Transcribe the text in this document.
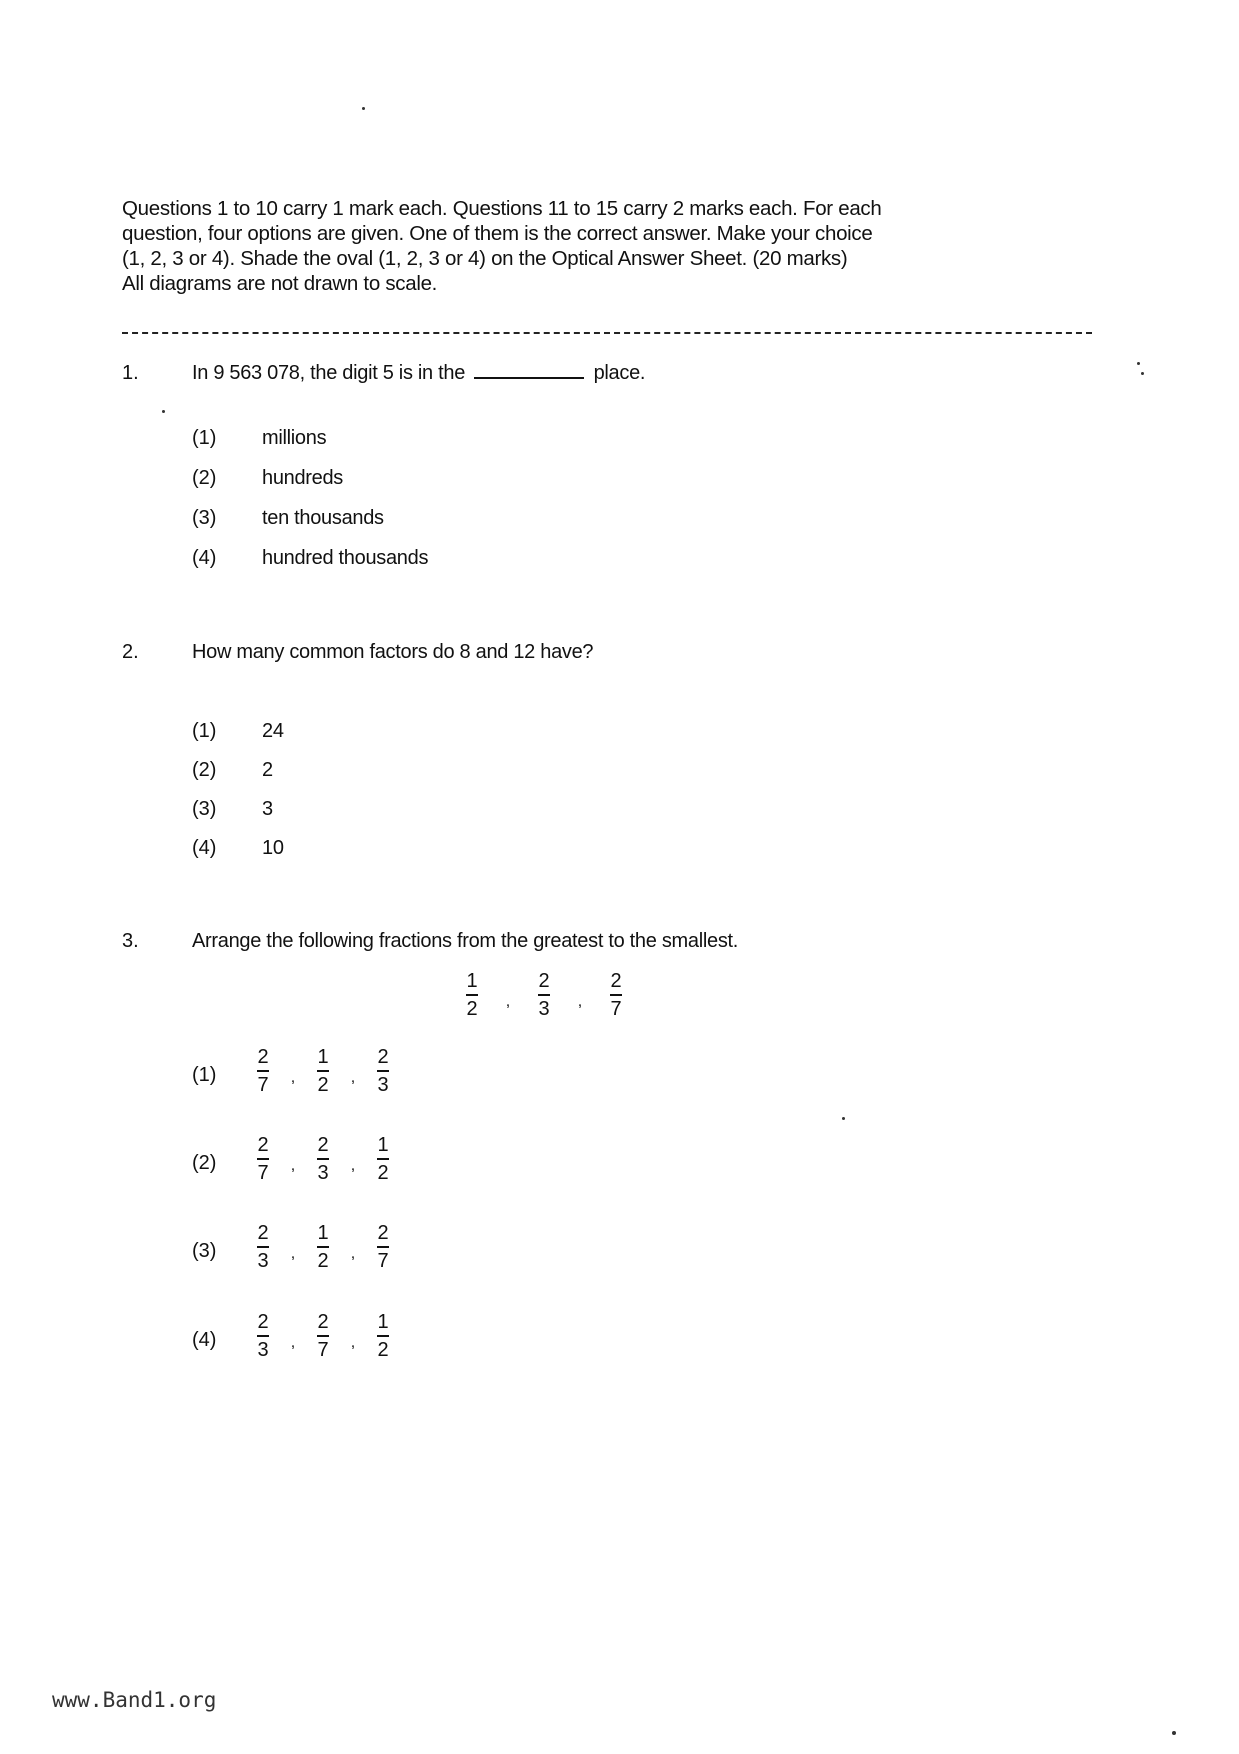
Questions 1 to 10 carry 1 mark each. Questions 11 to 15 carry 2 marks each. For each

question, four options are given. One of them is the correct answer. Make your choice

(1, 2, 3 or 4). Shade the oval (1, 2, 3 or 4) on the Optical Answer Sheet. (20 marks)

All diagrams are not drawn to scale.

1.	In 9 563 078, the digit 5 is in the	place.
(1) millions
(2) hundreds
(3) ten thousands
(4) hundred thousands
2.	How many common factors do 8 and 12 have?
(1) 24
(2) 2
(3) 3
(4) 10
3.	Arrange the following fractions from the greatest to the smallest.
$\frac{1}{2}$	,	$\frac{2}{3}$	,	$\frac{2}{7}$
$(1) \frac{2}{7}$	,	$\frac{1}{2}$	,	$\frac{2}{3}$
$(2) \frac{2}{7}$	,	$\frac{2}{3}$	,	$\frac{1}{2}$
$(3) \frac{2}{3}$	,	$\frac{1}{2}$	,	$\frac{2}{7}$
$(4) \frac{2}{3}$	,	$\frac{2}{7}$	,	$\frac{1}{2}$
www.Band1.org
